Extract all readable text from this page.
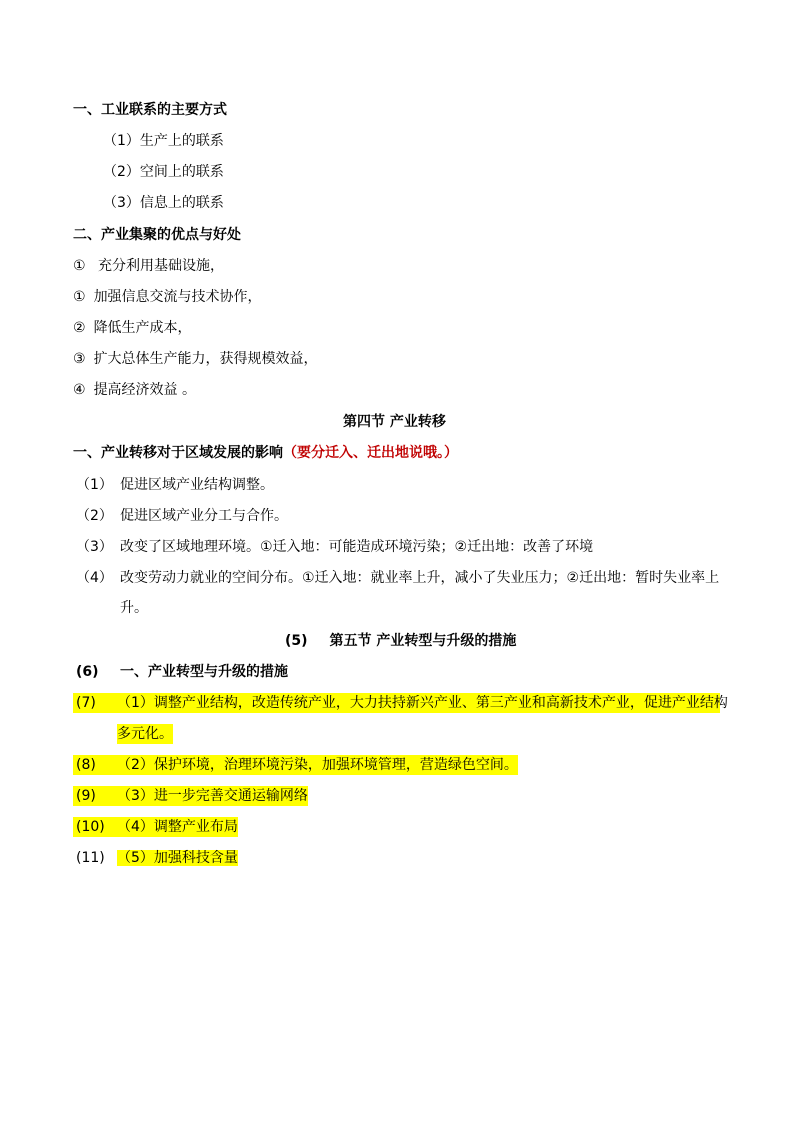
一、工业联系的主要方式
（1）生产上的联系
（2）空间上的联系
（3）信息上的联系
二、产业集聚的优点与好处
① 充分利用基础设施，
① 加强信息交流与技术协作，
② 降低生产成本，
③ 扩大总体生产能力，获得规模效益，
④ 提高经济效益 。
第四节 产业转移
一、产业转移对于区域发展的影响（要分迁入、迁出地说哦。）
（1） 促进区域产业结构调整。
（2） 促进区域产业分工与合作。
（3） 改变了区域地理环境。①迁入地：可能造成环境污染；②迁出地：改善了环境
（4） 改变劳动力就业的空间分布。①迁入地：就业率上升，减小了失业压力；②迁出地：暂时失业率上
升。
(5) 第五节 产业转型与升级的措施
(6) 一、产业转型与升级的措施
(7) （1）调整产业结构，改造传统产业，大力扶持新兴产业、第三产业和高新技术产业，促进产业结构
多元化。
(8) （2）保护环境，治理环境污染，加强环境管理，营造绿色空间。
(9) （3）进一步完善交通运输网络
(10) （4）调整产业布局
(11) （5）加强科技含量
